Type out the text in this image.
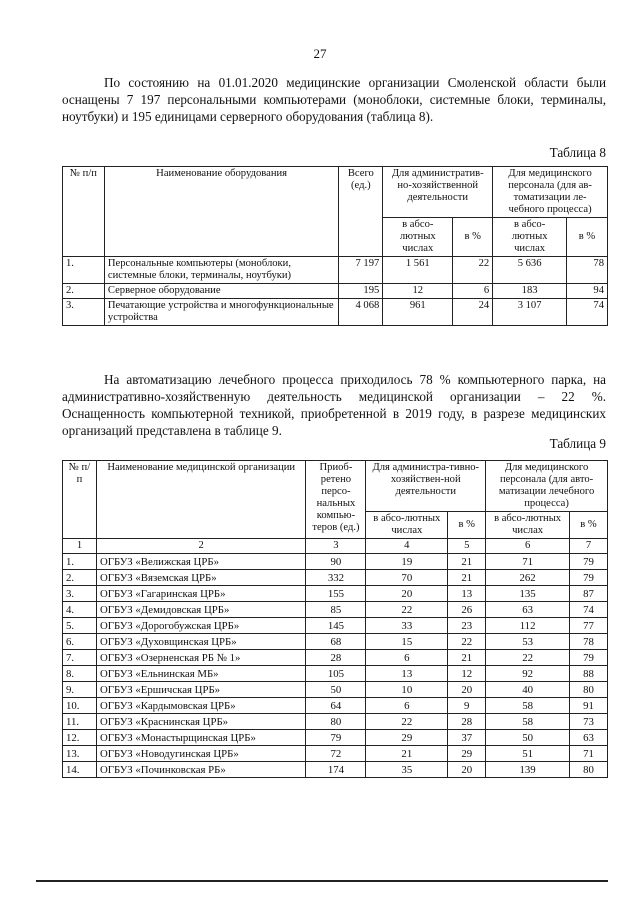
27

По состоянию на 01.01.2020 медицинские организации Смоленской области были оснащены 7 197 персональными компьютерами (моноблоки, системные блоки, терминалы, ноутбуки) и 195 единицами серверного оборудования (таблица 8).

Таблица 8
№ п/п	Наименование оборудования	Всего (ед.)	Для административ-но-хозяйственной деятельности		Для медицинского персонала (для ав-томатизации ле-чебного процесса)	
			в абсо-лютных числах	в %	в абсо-лютных числах	в %
1.	Персональные компьютеры (моноблоки, системные блоки, терминалы, ноутбуки)	7 197	1 561	22	5 636	78
2.	Серверное оборудование	195	12	6	183	94
3.	Печатающие устройства и многофункциональные устройства	4 068	961	24	3 107	74

На автоматизацию лечебного процесса приходилось 78 % компьютерного парка, на административно-хозяйственную деятельность медицинской организации – 22 %. Оснащенность компьютерной техникой, приобретенной в 2019 году, в разрезе медицинских организаций представлена в таблице 9.

Таблица 9
№ п/п	Наименование медицинской организации	Приоб-ретено персо-нальных компью-теров (ед.)	Для администра-тивно-хозяйствен-ной деятельности		Для медицинского персонала (для авто-матизации лечебного процесса)	
			в абсо-лютных числах	в %	в абсо-лютных числах	в %
1	2	3	4	5	6	7
1.	ОГБУЗ «Велижская ЦРБ»	90	19	21	71	79
2.	ОГБУЗ «Вяземская ЦРБ»	332	70	21	262	79
3.	ОГБУЗ «Гагаринская ЦРБ»	155	20	13	135	87
4.	ОГБУЗ «Демидовская ЦРБ»	85	22	26	63	74
5.	ОГБУЗ «Дорогобужская ЦРБ»	145	33	23	112	77
6.	ОГБУЗ «Духовщинская ЦРБ»	68	15	22	53	78
7.	ОГБУЗ «Озерненская РБ № 1»	28	6	21	22	79
8.	ОГБУЗ «Ельнинская МБ»	105	13	12	92	88
9.	ОГБУЗ «Ершичская ЦРБ»	50	10	20	40	80
10.	ОГБУЗ «Кардымовская ЦРБ»	64	6	9	58	91
11.	ОГБУЗ «Краснинская ЦРБ»	80	22	28	58	73
12.	ОГБУЗ «Монастырщинская ЦРБ»	79	29	37	50	63
13.	ОГБУЗ «Новодугинская ЦРБ»	72	21	29	51	71
14.	ОГБУЗ «Починковская РБ»	174	35	20	139	80
